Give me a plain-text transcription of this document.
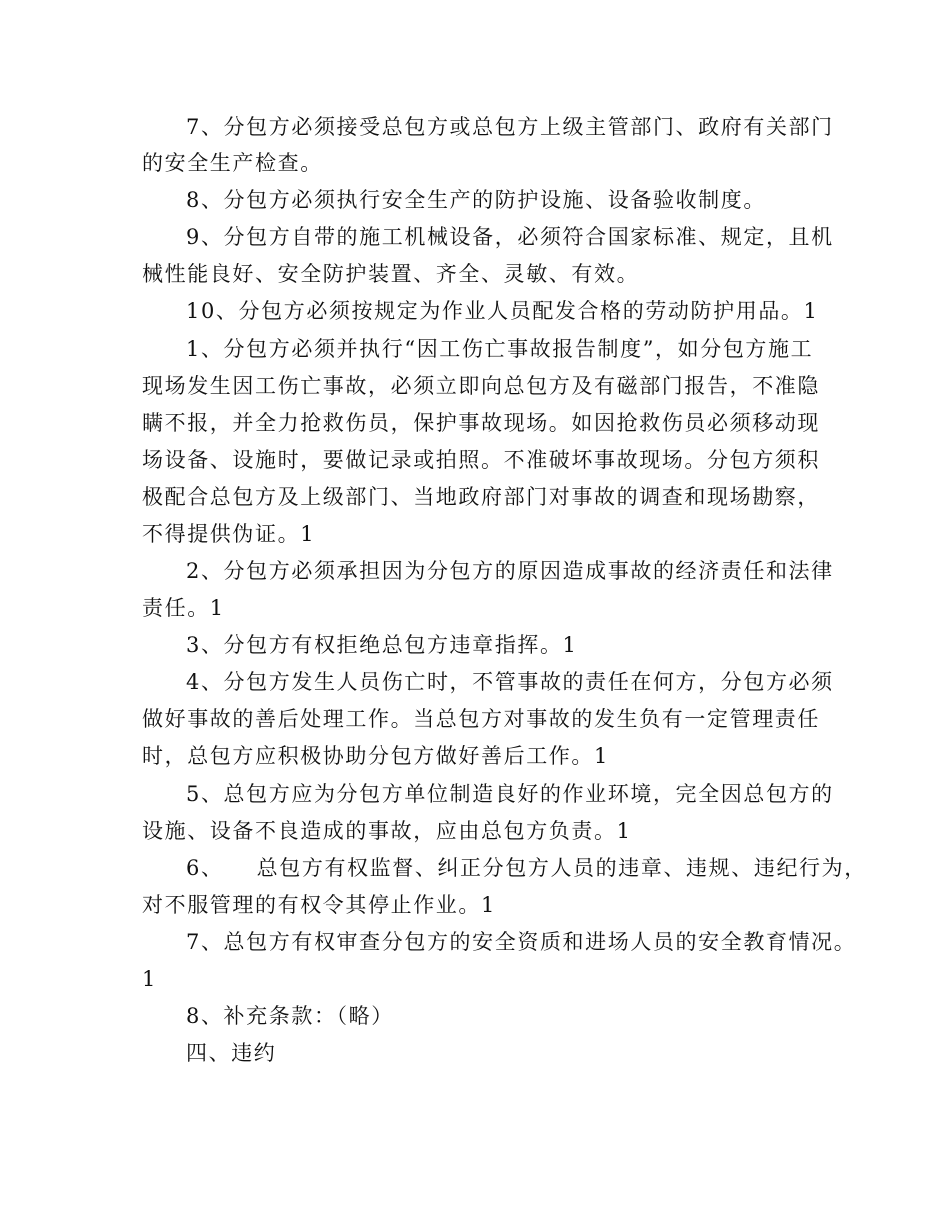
7、分包方必须接受总包方或总包方上级主管部门、政府有关部门
的安全生产检查。
8、分包方必须执行安全生产的防护设施、设备验收制度。
9、分包方自带的施工机械设备，必须符合国家标准、规定，且机
械性能良好、安全防护装置、齐全、灵敏、有效。
10、分包方必须按规定为作业人员配发合格的劳动防护用品。1
1、分包方必须并执行“因工伤亡事故报告制度”，如分包方施工
现场发生因工伤亡事故，必须立即向总包方及有磁部门报告，不准隐
瞒不报，并全力抢救伤员，保护事故现场。如因抢救伤员必须移动现
场设备、设施时，要做记录或拍照。不准破坏事故现场。分包方须积
极配合总包方及上级部门、当地政府部门对事故的调查和现场勘察，
不得提供伪证。1
2、分包方必须承担因为分包方的原因造成事故的经济责任和法律
责任。1
3、分包方有权拒绝总包方违章指挥。1
4、分包方发生人员伤亡时，不管事故的责任在何方，分包方必须
做好事故的善后处理工作。当总包方对事故的发生负有一定管理责任
时，总包方应积极协助分包方做好善后工作。1
5、总包方应为分包方单位制造良好的作业环境，完全因总包方的
设施、设备不良造成的事故，应由总包方负责。1
6、    总包方有权监督、纠正分包方人员的违章、违规、违纪行为，
对不服管理的有权令其停止作业。1
7、总包方有权审查分包方的安全资质和进场人员的安全教育情况。
1
8、补充条款：（略）
四、违约
